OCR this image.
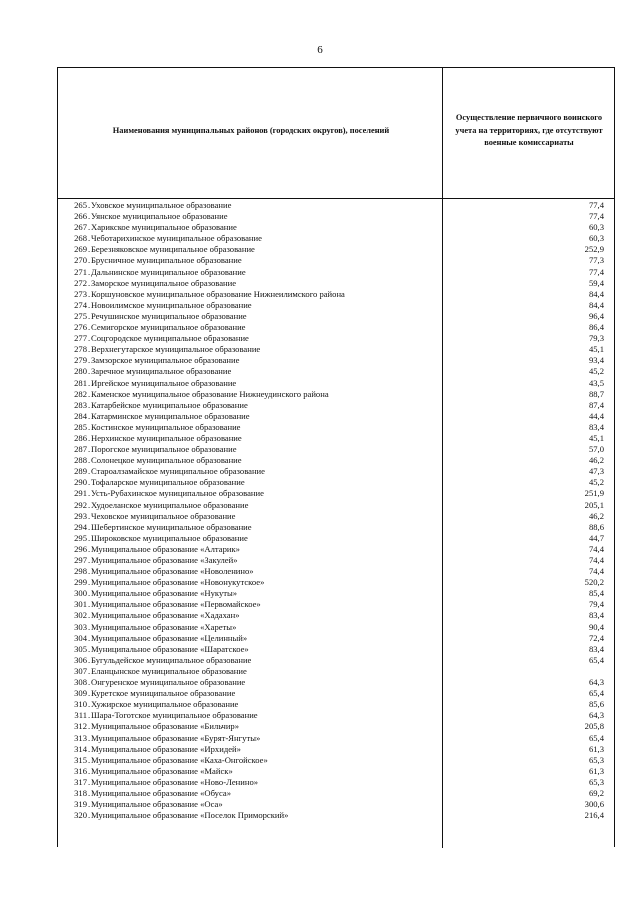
6
Наименования муниципальных районов (городских округов), поселений
Осуществление первичного воинского
учета на территориях, где отсутствуют
военные комиссариаты
265 . Уховское муниципальное образование	77,4
266 . Уянское муниципальное образование	77,4
267 . Харикское муниципальное образование	60,3
268 . Чеботарихинское муниципальное образование	60,3
269 . Березняковское муниципальное образование	252,9
270 . Брусничное муниципальное образование	77,3
271 . Дальнинское муниципальное образование	77,4
272 . Заморское муниципальное образование	59,4
273 . Коршуновское муниципальное образование Нижнеилимского района	84,4
274 . Новоилимское муниципальное образование	84,4
275 . Речушинское муниципальное образование	96,4
276 . Семигорское муниципальное образование	86,4
277 . Соцгородское муниципальное образование	79,3
278 . Верхнегутарское муниципальное образование	45,1
279 . Замзорское муниципальное образование	93,4
280 . Заречное муниципальное образование	45,2
281 . Иргейское муниципальное образование	43,5
282 . Каменское муниципальное образование Нижнеудинского района	88,7
283 . Катарбейское муниципальное образование	87,4
284 . Катарминское муниципальное образование	44,4
285 . Костинское муниципальное образование	83,4
286 . Нерхинское муниципальное образование	45,1
287 . Порогское муниципальное образование	57,0
288 . Солонецкое муниципальное образование	46,2
289 . Староалзамайское муниципальное образование	47,3
290 . Тофаларское муниципальное образование	45,2
291 . Усть-Рубахинское муниципальное образование	251,9
292 . Худоеланское муниципальное образование	205,1
293 . Чеховское муниципальное образование	46,2
294 . Шебертинское муниципальное образование	88,6
295 . Широковское муниципальное образование	44,7
296 . Муниципальное образование «Алтарик»	74,4
297 . Муниципальное образование «Закулей»	74,4
298 . Муниципальное образование «Новоленино»	74,4
299 . Муниципальное образование «Новонукутское»	520,2
300 . Муниципальное образование «Нукуты»	85,4
301 . Муниципальное образование «Первомайское»	79,4
302 . Муниципальное образование «Хадахан»	83,4
303 . Муниципальное образование «Хареты»	90,4
304 . Муниципальное образование «Целинный»	72,4
305 . Муниципальное образование «Шаратское»	83,4
306 . Бугульдейское муниципальное образование	65,4
307 . Еланцынское муниципальное образование
308 . Онгуренское муниципальное образование	64,3
309 . Куретское муниципальное образование	65,4
310 . Хужирское муниципальное образование	85,6
311 . Шара-Тоготское муниципальное образование	64,3
312 . Муниципальное образование «Бильчир»	205,8
313 . Муниципальное образование «Бурят-Янгуты»	65,4
314 . Муниципальное образование «Ирхидей»	61,3
315 . Муниципальное образование «Каха-Онгойское»	65,3
316 . Муниципальное образование «Майск»	61,3
317 . Муниципальное образование «Ново-Ленино»	65,3
318 . Муниципальное образование «Обуса»	69,2
319 . Муниципальное образование «Оса»	300,6
320 . Муниципальное образование «Поселок Приморский»	216,4
